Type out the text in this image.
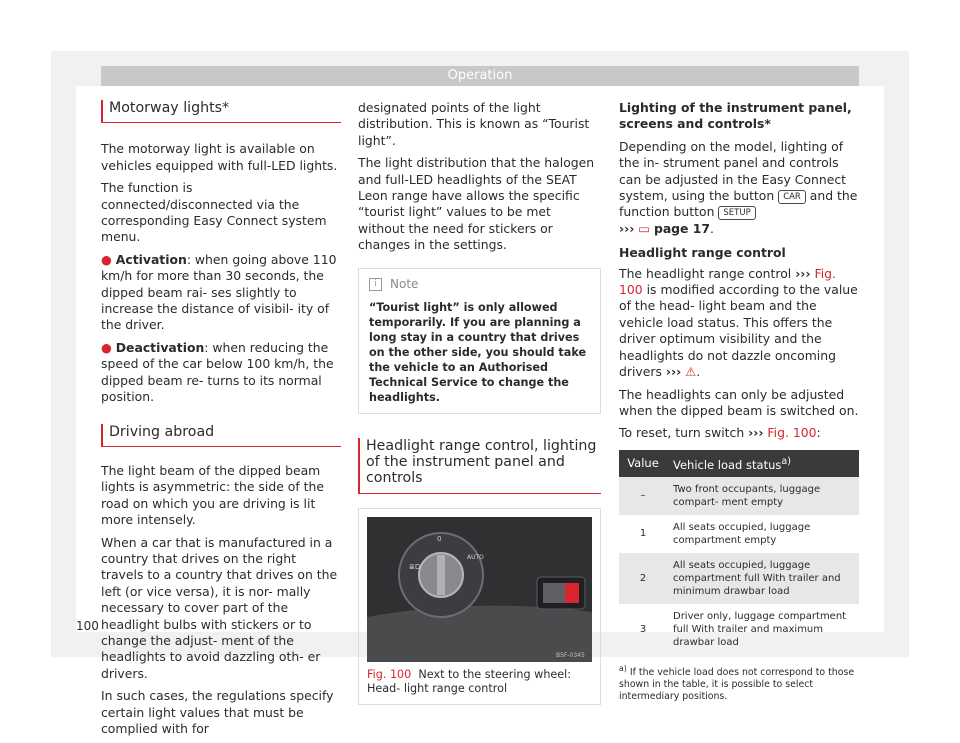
Operation
Motorway lights*

The motorway light is available on vehicles equipped with full-LED lights.

The function is connected/disconnected via the corresponding Easy Connect system menu.

● Activation: when going above 110 km/h for more than 30 seconds, the dipped beam rai- ses slightly to increase the distance of visibil- ity of the driver.

● Deactivation: when reducing the speed of the car below 100 km/h, the dipped beam re- turns to its normal position.

Driving abroad

The light beam of the dipped beam lights is asymmetric: the side of the road on which you are driving is lit more intensely.

When a car that is manufactured in a country that drives on the right travels to a country that drives on the left (or vice versa), it is nor- mally necessary to cover part of the headlight bulbs with stickers or to change the adjust- ment of the headlights to avoid dazzling oth- er drivers.

In such cases, the regulations specify certain light values that must be complied with for

designated points of the light distribution. This is known as “Tourist light”.

The light distribution that the halogen and full-LED headlights of the SEAT Leon range have allows the specific “tourist light” values to be met without the need for stickers or changes in the settings.

i	Note
“Tourist light” is only allowed temporarily. If you are planning a long stay in a country that drives on the other side, you should take the vehicle to an Authorised Technical Service to change the headlights.
Headlight range control, lighting of the instrument panel and controls
0
AUTO
≣D
B5F-0345
Fig. 100 Next to the steering wheel: Head- light range control

Lighting of the instrument panel, screens and controls*

Depending on the model, lighting of the in- strument panel and controls can be adjusted in the Easy Connect system, using the button CAR and the function button SETUP
››› ▭ page 17.

Headlight range control

The headlight range control ››› Fig. 100 is modified according to the value of the head- light beam and the vehicle load status. This offers the driver optimum visibility and the headlights do not dazzle oncoming drivers ››› ⚠.

The headlights can only be adjusted when the dipped beam is switched on.

To reset, turn switch ››› Fig. 100:

Value	Vehicle load status$^{a)}$
–	Two front occupants, luggage compart- ment empty
1	All seats occupied, luggage compartment empty
2	All seats occupied, luggage compartment full With trailer and minimum drawbar load
3	Driver only, luggage compartment full With trailer and maximum drawbar load
$^{a)}$ If the vehicle load does not correspond to those shown in the table, it is possible to select intermediary positions.
100
